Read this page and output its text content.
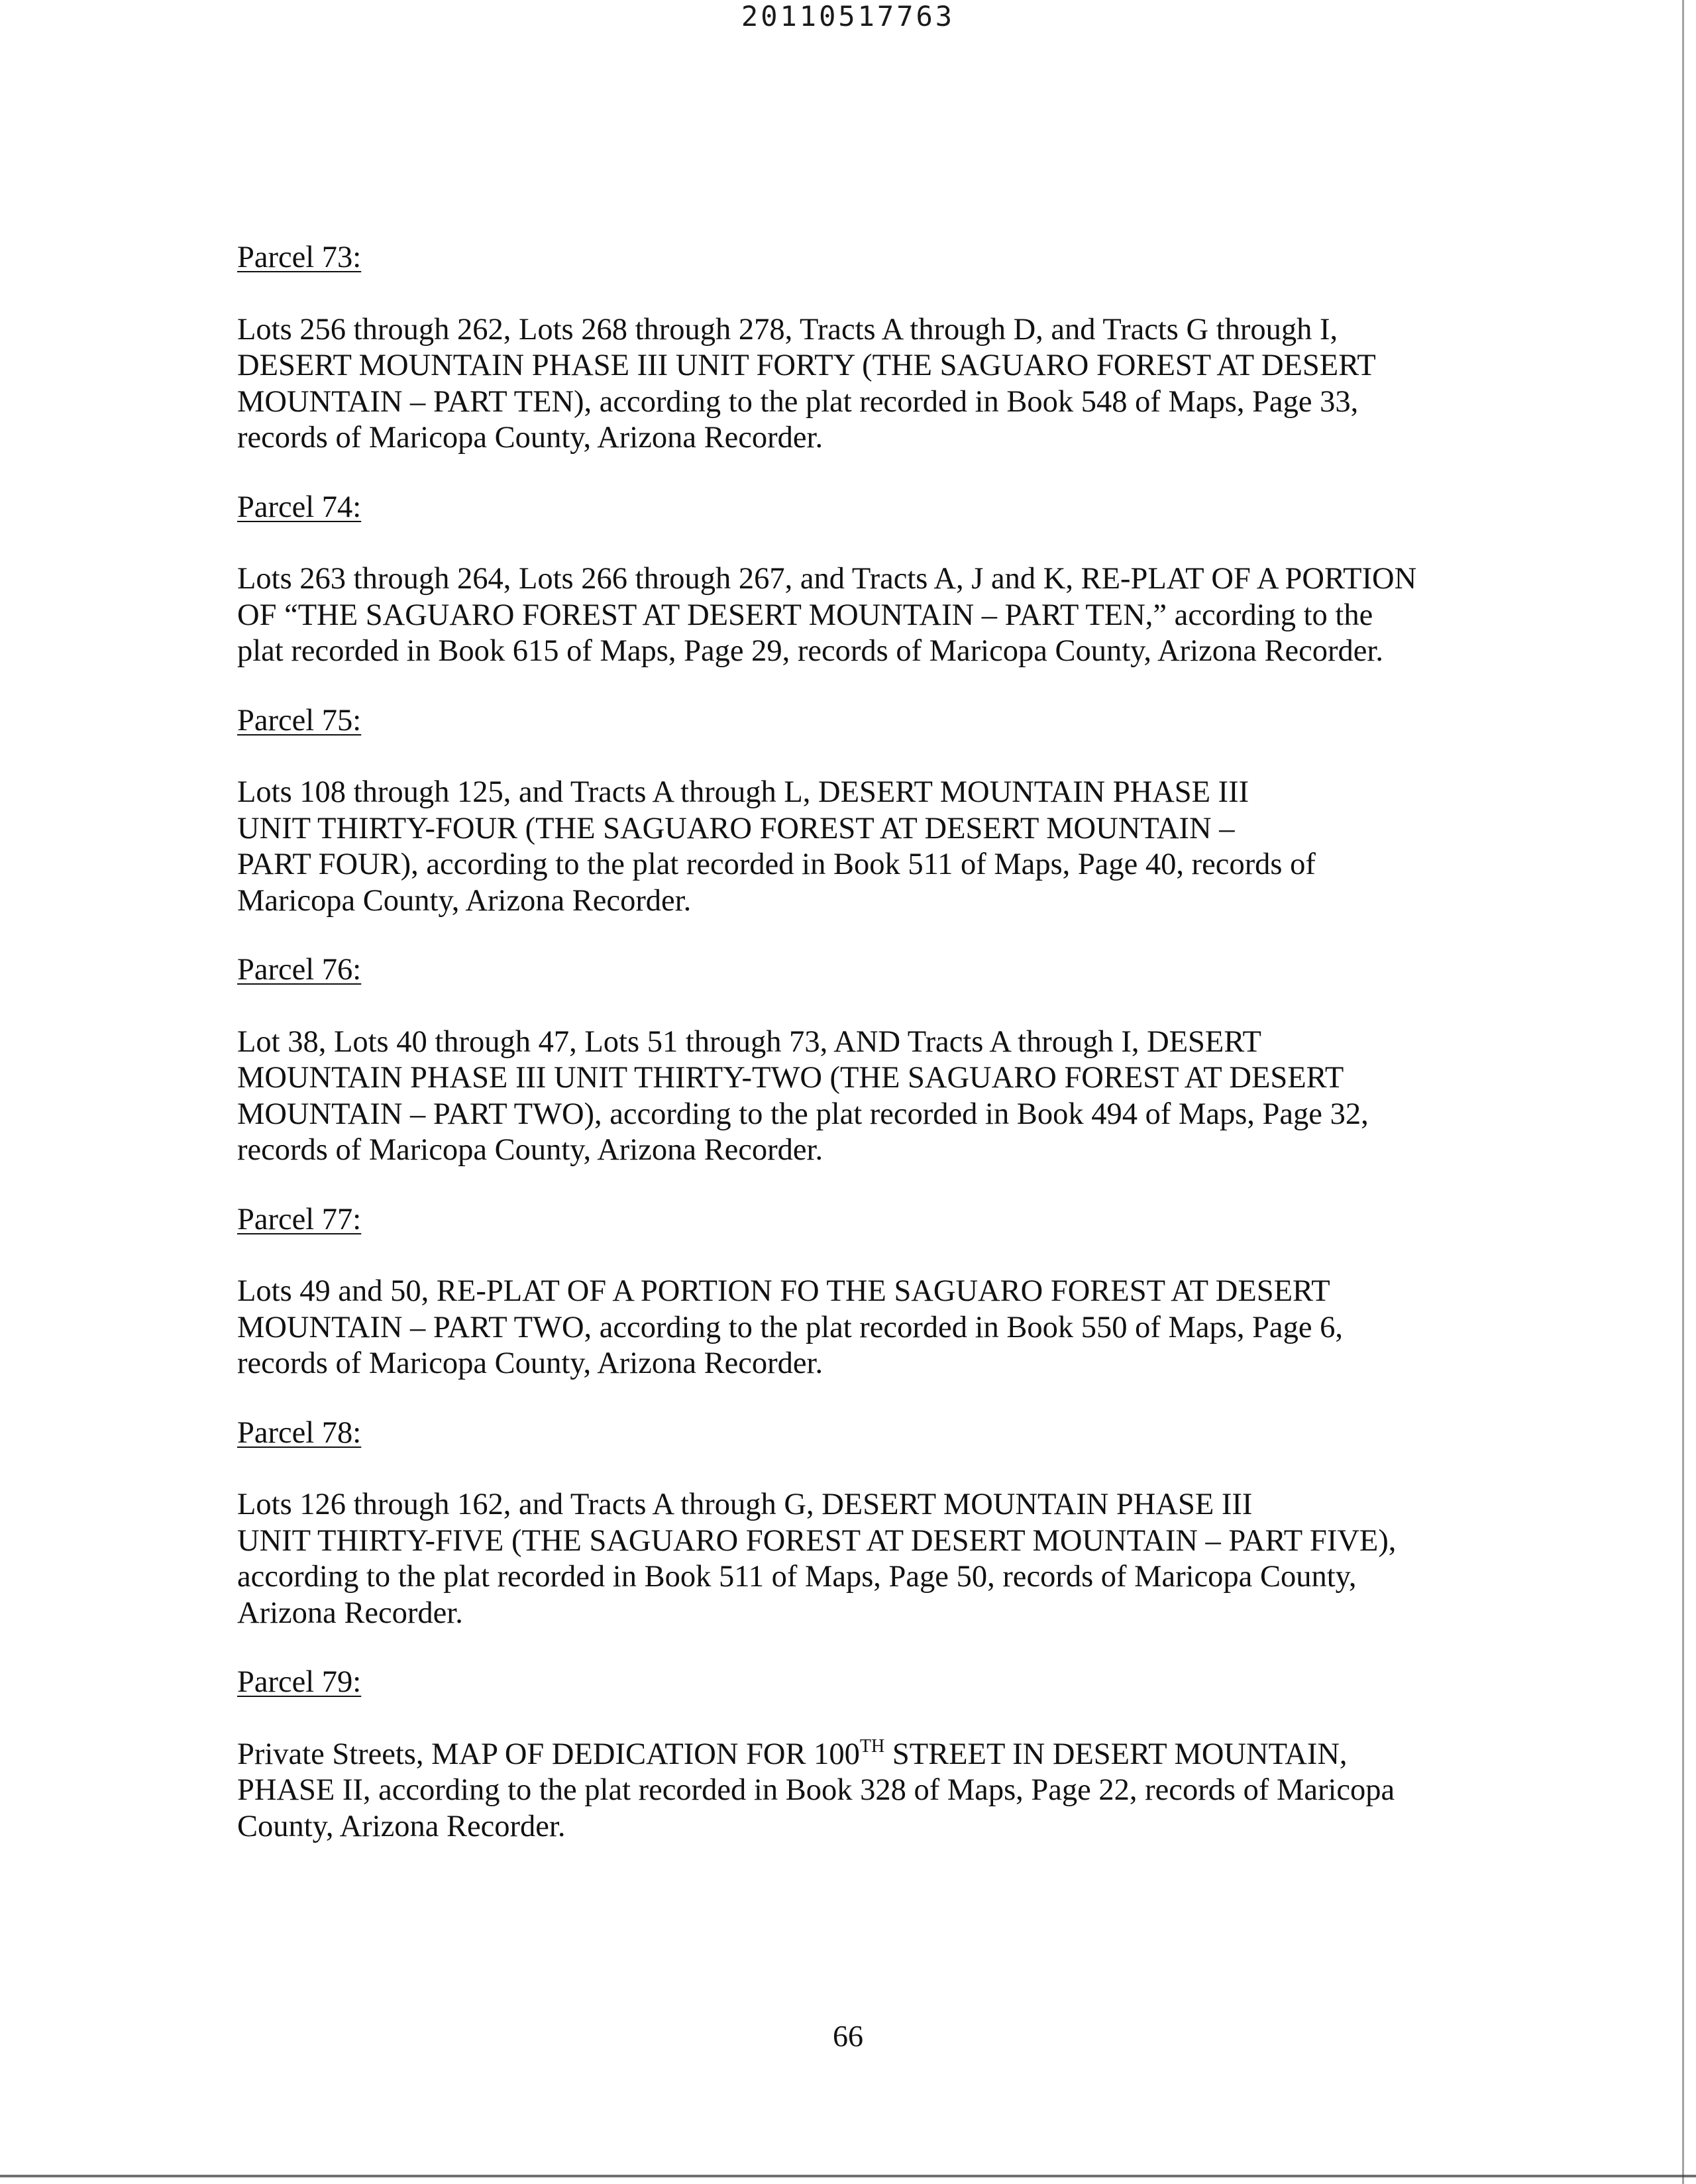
20110517763
Parcel 73:

Lots 256 through 262, Lots 268 through 278, Tracts A through D, and Tracts G through I,
DESERT MOUNTAIN PHASE III UNIT FORTY (THE SAGUARO FOREST AT DESERT
MOUNTAIN – PART TEN), according to the plat recorded in Book 548 of Maps, Page 33,
records of Maricopa County, Arizona Recorder.

Parcel 74:

Lots 263 through 264, Lots 266 through 267, and Tracts A, J and K, RE-PLAT OF A PORTION
OF “THE SAGUARO FOREST AT DESERT MOUNTAIN – PART TEN,” according to the
plat recorded in Book 615 of Maps, Page 29, records of Maricopa County, Arizona Recorder.

Parcel 75:

Lots 108 through 125, and Tracts A through L, DESERT MOUNTAIN PHASE III
UNIT THIRTY-FOUR (THE SAGUARO FOREST AT DESERT MOUNTAIN –
PART FOUR), according to the plat recorded in Book 511 of Maps, Page 40, records of
Maricopa County, Arizona Recorder.

Parcel 76:

Lot 38, Lots 40 through 47, Lots 51 through 73, AND Tracts A through I, DESERT
MOUNTAIN PHASE III UNIT THIRTY-TWO (THE SAGUARO FOREST AT DESERT
MOUNTAIN – PART TWO), according to the plat recorded in Book 494 of Maps, Page 32,
records of Maricopa County, Arizona Recorder.

Parcel 77:

Lots 49 and 50, RE-PLAT OF A PORTION FO THE SAGUARO FOREST AT DESERT
MOUNTAIN – PART TWO, according to the plat recorded in Book 550 of Maps, Page 6,
records of Maricopa County, Arizona Recorder.

Parcel 78:

Lots 126 through 162, and Tracts A through G, DESERT MOUNTAIN PHASE III
UNIT THIRTY-FIVE (THE SAGUARO FOREST AT DESERT MOUNTAIN – PART FIVE),
according to the plat recorded in Book 511 of Maps, Page 50, records of Maricopa County,
Arizona Recorder.

Parcel 79:

Private Streets, MAP OF DEDICATION FOR 100TH STREET IN DESERT MOUNTAIN,
PHASE II, according to the plat recorded in Book 328 of Maps, Page 22, records of Maricopa
County, Arizona Recorder.

66
